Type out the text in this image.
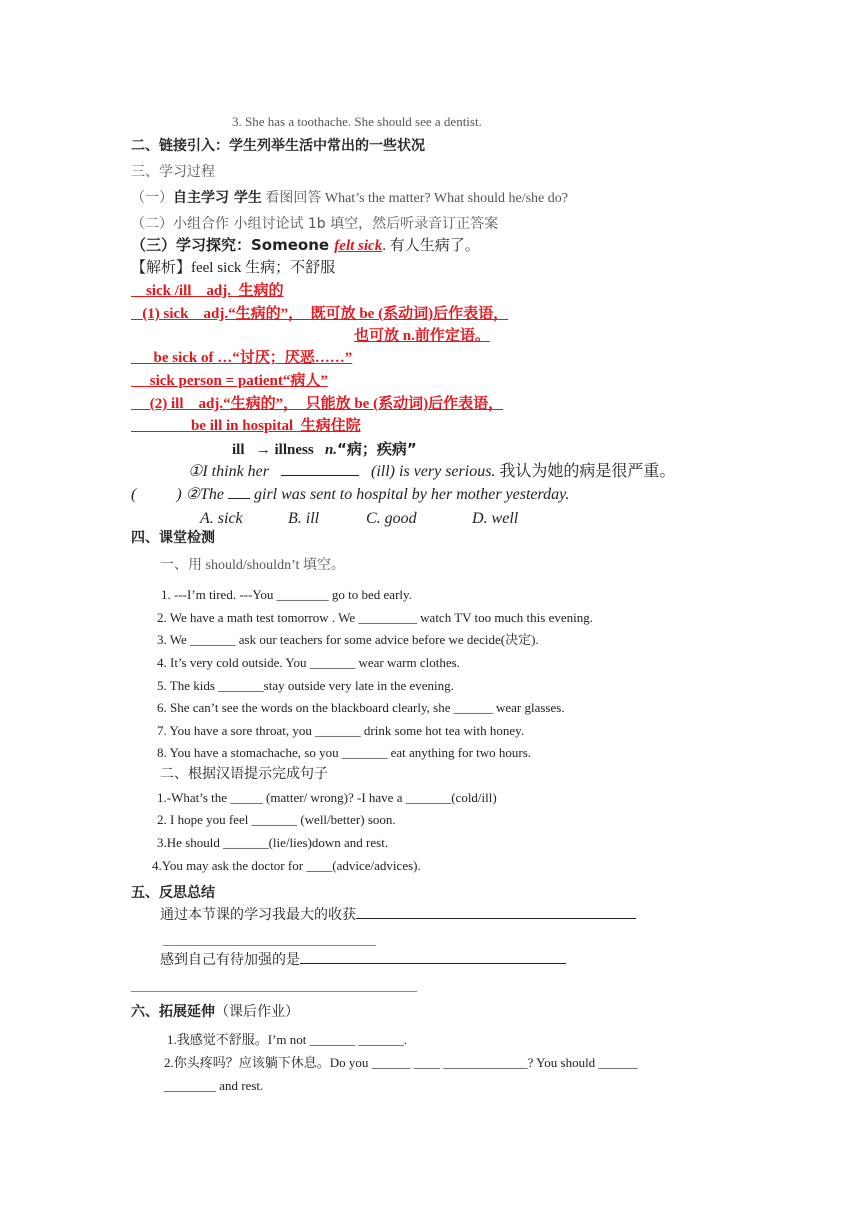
3. She has a toothache. She should see a dentist.
二、链接引入：学生列举生活中常出的一些状况
三、学习过程
（一）自主学习 学生 看图回答 What’s the matter? What should he/she do?
（二）小组合作 小组讨论试 1b 填空，然后听录音订正答案
（三）学习探究：Someone felt sick. 有人生病了。
【解析】feel sick 生病；不舒服
sick /ill    adj.  生病的
(1) sick    adj.“生病的”，  既可放 be (系动词)后作表语，
也可放 n.前作定语。
be sick of …“讨厌；厌恶……”
sick person = patient“病人”
(2) ill    adj.“生病的”，  只能放 be (系动词)后作表语，
be ill in hospital  生病住院
ill → illness n.“病；疾病”
①I think her	(ill) is very serious. 我认为她的病是很严重。
(          ) ②The girl was sent to hospital by her mother yesterday.
A. sick	B. ill	C. good	D. well
四、课堂检测
一、用 should/shouldn’t 填空。
1. ---I’m tired. ---You ________ go to bed early.
2. We have a math test tomorrow . We _________ watch TV too much this evening.
3. We _______ ask our teachers for some advice before we decide(决定).
4. It’s very cold outside. You _______ wear warm clothes.
5. The kids _______stay outside very late in the evening.
6. She can’t see the words on the blackboard clearly, she ______ wear glasses.
7. You have a sore throat, you _______ drink some hot tea with honey.
8. You have a stomachache, so you _______ eat anything for two hours.
二、根据汉语提示完成句子
1.-What’s the _____ (matter/ wrong)? -I have a _______(cold/ill)
2. I hope you feel _______ (well/better) soon.
3.He should _______(lie/lies)down and rest.
4.You may ask the doctor for ____(advice/advices).
五、反思总结
通过本节课的学习我最大的收获
感到自己有待加强的是
六、拓展延伸（课后作业）
1.我感觉不舒服。I’m not _______ _______.
2.你头疼吗？应该躺下休息。Do you ______ ____ _____________? You should ______
________ and rest.
